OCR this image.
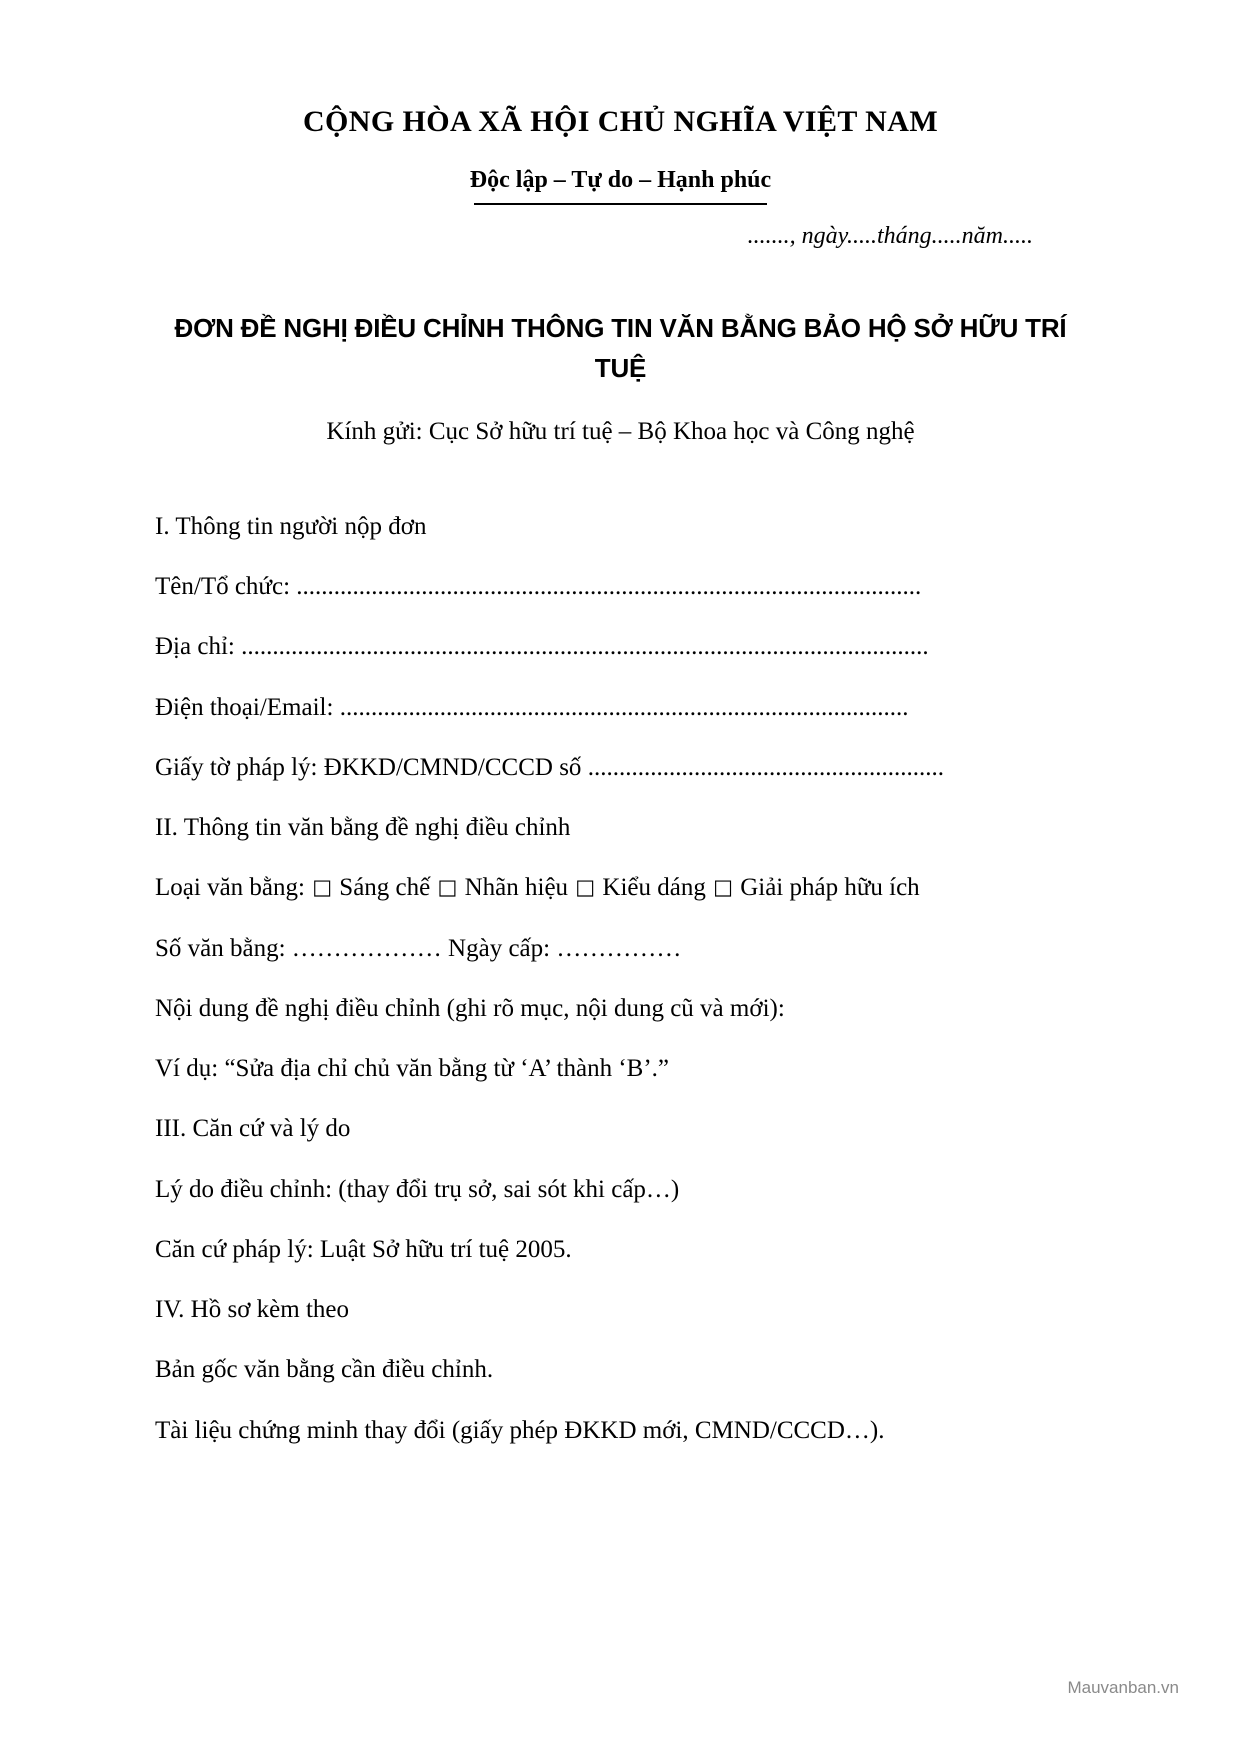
CỘNG HÒA XÃ HỘI CHỦ NGHĨA VIỆT NAM
Độc lập – Tự do – Hạnh phúc
......., ngày.....tháng.....năm.....
ĐƠN ĐỀ NGHỊ ĐIỀU CHỈNH THÔNG TIN VĂN BẰNG BẢO HỘ SỞ HỮU TRÍ TUỆ
Kính gửi: Cục Sở hữu trí tuệ – Bộ Khoa học và Công nghệ
I. Thông tin người nộp đơn
Tên/Tổ chức: ....................................................................................................
Địa chỉ: ..............................................................................................................
Điện thoại/Email: ...........................................................................................
Giấy tờ pháp lý: ĐKKD/CMND/CCCD số .........................................................
II. Thông tin văn bằng đề nghị điều chỉnh
Loại văn bằng: □ Sáng chế □ Nhãn hiệu □ Kiểu dáng □ Giải pháp hữu ích
Số văn bằng: ……………… Ngày cấp: ……………
Nội dung đề nghị điều chỉnh (ghi rõ mục, nội dung cũ và mới):
Ví dụ: “Sửa địa chỉ chủ văn bằng từ ‘A’ thành ‘B’.”
III. Căn cứ và lý do
Lý do điều chỉnh: (thay đổi trụ sở, sai sót khi cấp…)
Căn cứ pháp lý: Luật Sở hữu trí tuệ 2005.
IV. Hồ sơ kèm theo
Bản gốc văn bằng cần điều chỉnh.
Tài liệu chứng minh thay đổi (giấy phép ĐKKD mới, CMND/CCCD…).
Mauvanban.vn
